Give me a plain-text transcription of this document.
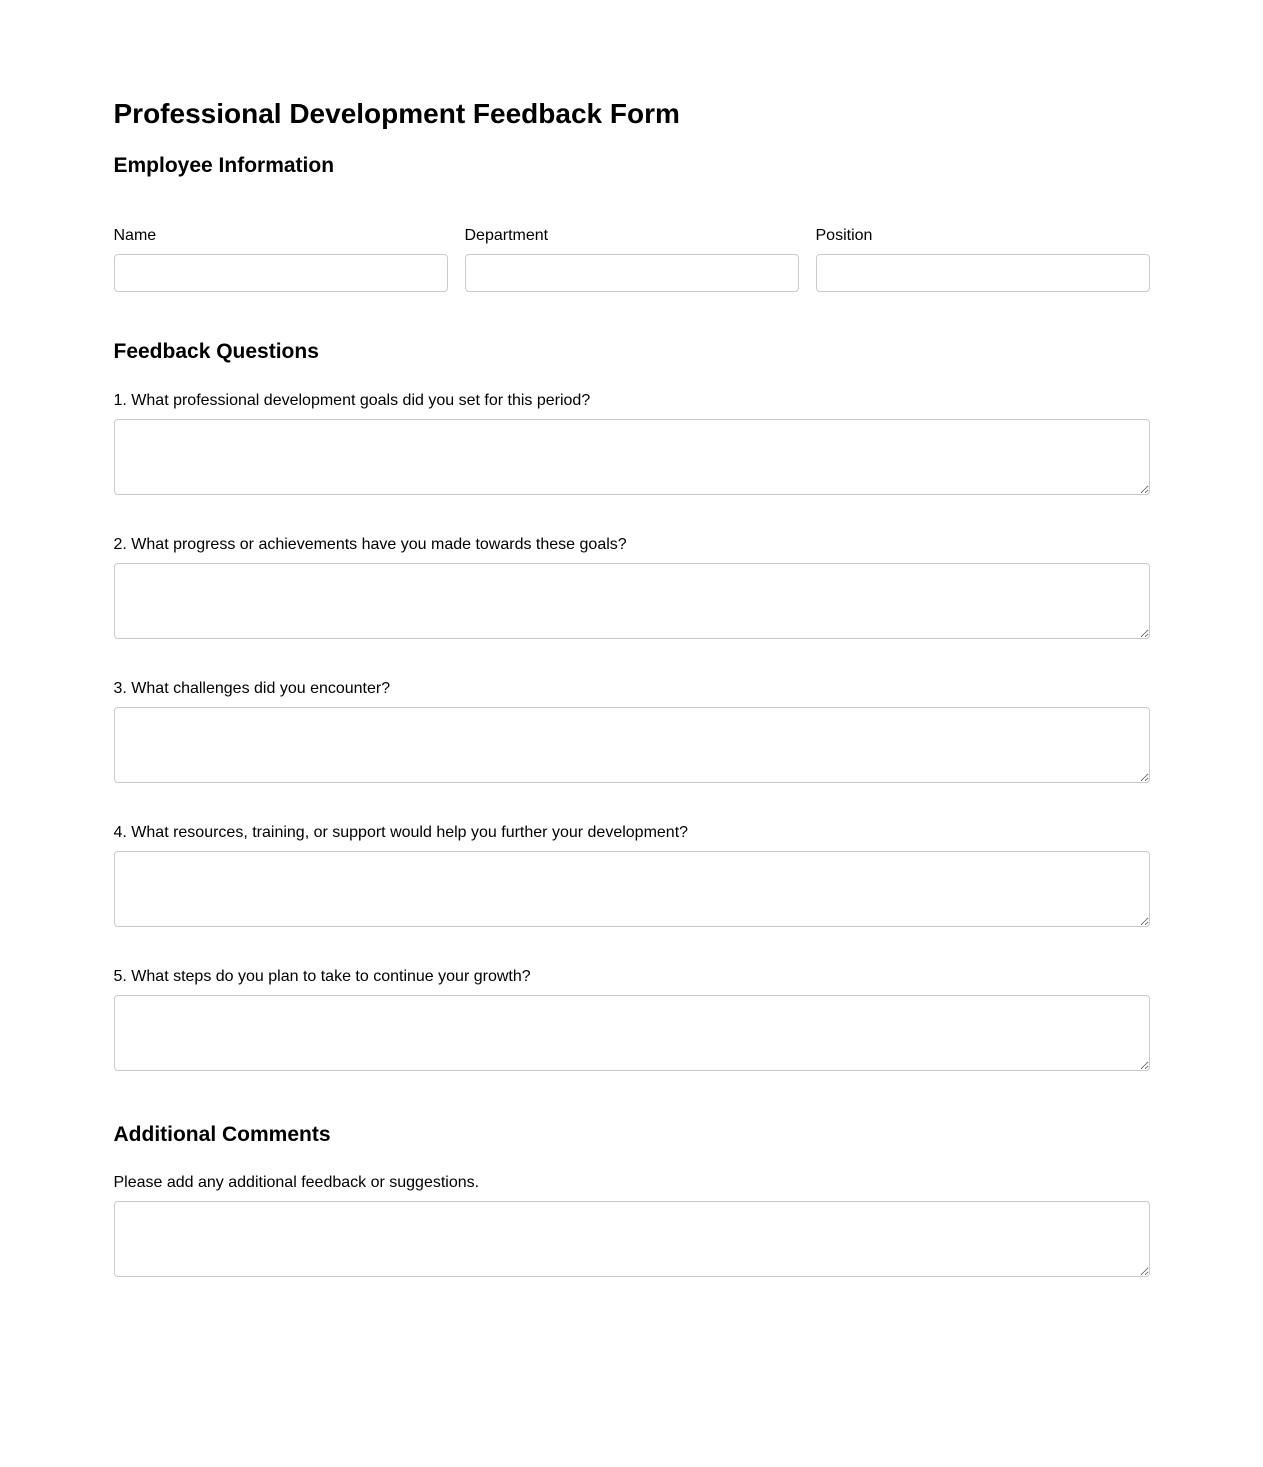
Professional Development Feedback Form
Employee Information
Name	Department	Position
Feedback Questions
1. What professional development goals did you set for this period?
2. What progress or achievements have you made towards these goals?
3. What challenges did you encounter?
4. What resources, training, or support would help you further your development?
5. What steps do you plan to take to continue your growth?
Additional Comments
Please add any additional feedback or suggestions.
